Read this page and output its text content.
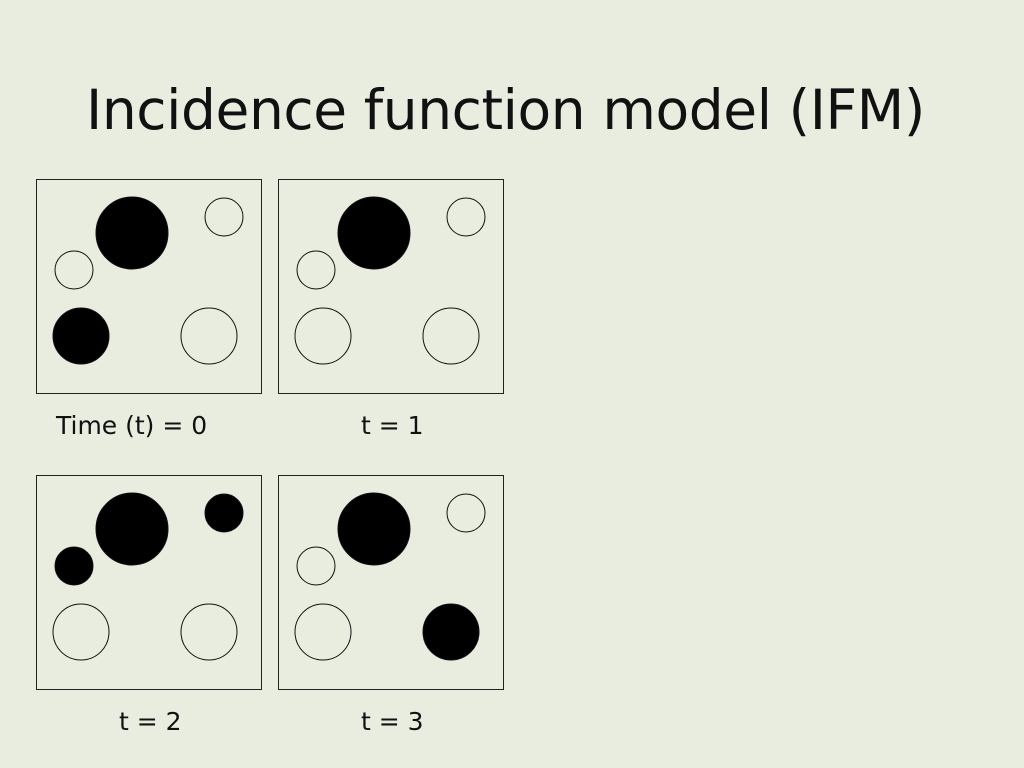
Incidence function model (IFM)
Time (t) = 0	t = 1
t = 2	t = 3
